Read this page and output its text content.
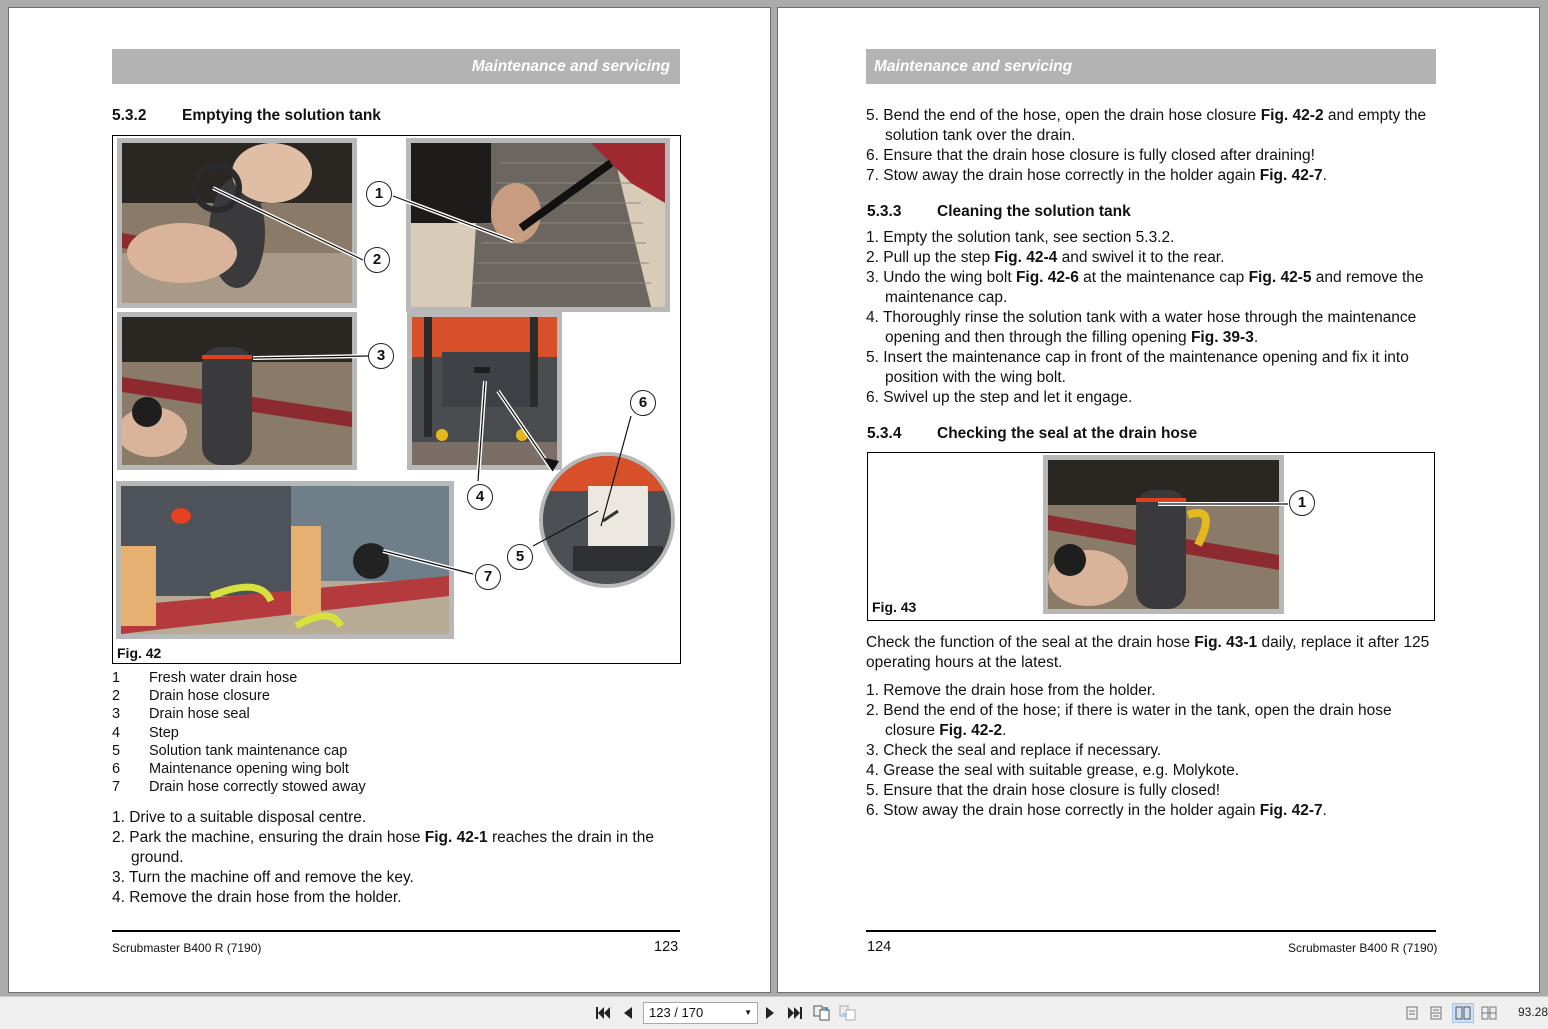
Maintenance and servicing
5.3.2 Emptying the solution tank
1
2
3
4
5
6
7
Fig. 42
1	Fresh water drain hose
2	Drain hose closure
3	Drain hose seal
4	Step
5	Solution tank maintenance cap
6	Maintenance opening wing bolt
7	Drain hose correctly stowed away
1. Drive to a suitable disposal centre.
2. Park the machine, ensuring the drain hose Fig. 42-1 reaches the drain in the ground.
3. Turn the machine off and remove the key.
4. Remove the drain hose from the holder.
Scrubmaster B400 R (7190)	123
Maintenance and servicing
5. Bend the end of the hose, open the drain hose closure Fig. 42-2 and empty the solution tank over the drain.
6. Ensure that the drain hose closure is fully closed after draining!
7. Stow away the drain hose correctly in the holder again Fig. 42-7.
5.3.3 Cleaning the solution tank
1. Empty the solution tank, see section 5.3.2.
2. Pull up the step Fig. 42-4 and swivel it to the rear.
3. Undo the wing bolt Fig. 42-6 at the maintenance cap Fig. 42-5 and remove the maintenance cap.
4. Thoroughly rinse the solution tank with a water hose through the maintenance opening and then through the filling opening Fig. 39-3.
5. Insert the maintenance cap in front of the maintenance opening and fix it into position with the wing bolt.
6. Swivel up the step and let it engage.
5.3.4 Checking the seal at the drain hose
1
Fig. 43
Check the function of the seal at the drain hose Fig. 43-1 daily, replace it after 125 operating hours at the latest.
1. Remove the drain hose from the holder.
2. Bend the end of the hose; if there is water in the tank, open the drain hose closure Fig. 42-2.
3. Check the seal and replace if necessary.
4. Grease the seal with suitable grease, e.g. Molykote.
5. Ensure that the drain hose closure is fully closed!
6. Stow away the drain hose correctly in the holder again Fig. 42-7.
124	Scrubmaster B400 R (7190)
123 / 170	▼	93.28
